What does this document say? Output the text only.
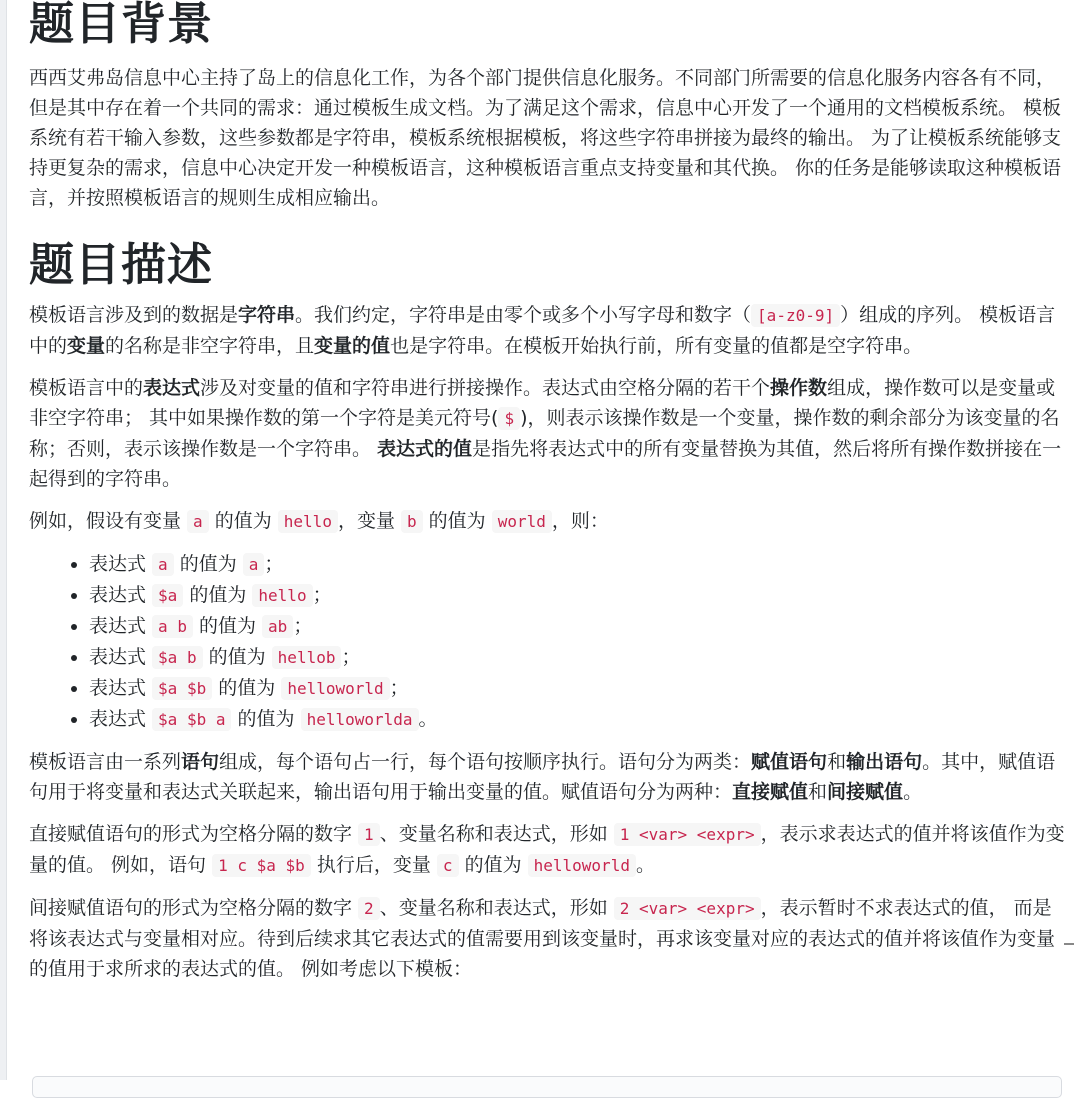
题目背景

西西艾弗岛信息中心主持了岛上的信息化工作，为各个部门提供信息化服务。不同部门所需要的信息化服务内容各有不同， 但是其中存在着一个共同的需求：通过模板生成文档。为了满足这个需求，信息中心开发了一个通用的文档模板系统。 模板系统有若干输入参数，这些参数都是字符串，模板系统根据模板，将这些字符串拼接为最终的输出。 为了让模板系统能够支持更复杂的需求，信息中心决定开发一种模板语言，这种模板语言重点支持变量和其代换。 你的任务是能够读取这种模板语言，并按照模板语言的规则生成相应输出。

题目描述

模板语言涉及到的数据是字符串。我们约定，字符串是由零个或多个小写字母和数字（ [a-z0-9] ）组成的序列。 模板语言中的变量的名称是非空字符串，且变量的值也是字符串。在模板开始执行前，所有变量的值都是空字符串。

模板语言中的表达式涉及对变量的值和字符串进行拼接操作。表达式由空格分隔的若干个操作数组成，操作数可以是变量或非空字符串； 其中如果操作数的第一个字符是美元符号( $ )，则表示该操作数是一个变量，操作数的剩余部分为该变量的名称；否则，表示该操作数是一个字符串。 表达式的值是指先将表达式中的所有变量替换为其值，然后将所有操作数拼接在一起得到的字符串。

例如，假设有变量 a 的值为 hello ，变量 b 的值为 world ，则：

• 表达式 a 的值为 a ；
• 表达式 $a 的值为 hello ；
• 表达式 a b 的值为 ab ；
• 表达式 $a b 的值为 hellob ；
• 表达式 $a $b 的值为 helloworld ；
• 表达式 $a $b a 的值为 helloworlda 。

模板语言由一系列语句组成，每个语句占一行，每个语句按顺序执行。语句分为两类：赋值语句和输出语句。其中，赋值语句用于将变量和表达式关联起来，输出语句用于输出变量的值。赋值语句分为两种：直接赋值和间接赋值。

直接赋值语句的形式为空格分隔的数字 1 、变量名称和表达式，形如 1 <var> <expr> ，表示求表达式的值并将该值作为变量的值。 例如，语句 1 c $a $b 执行后，变量 c 的值为 helloworld 。

间接赋值语句的形式为空格分隔的数字 2 、变量名称和表达式，形如 2 <var> <expr> ，表示暂时不求表达式的值， 而是将该表达式与变量相对应。待到后续求其它表达式的值需要用到该变量时，再求该变量对应的表达式的值并将该值作为变量的值用于求所求的表达式的值。 例如考虑以下模板：
